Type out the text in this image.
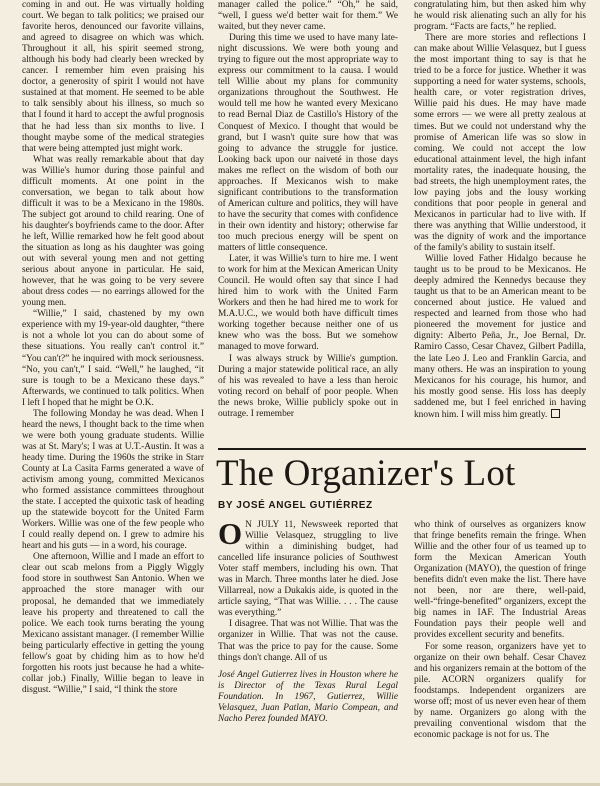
coming in and out. He was virtually holding court. We began to talk politics; we praised our favorite heros, denounced our favorite villains, and agreed to disagree on which was which. Throughout it all, his spirit seemed strong, although his body had clearly been wrecked by cancer. I remember him even praising his doctor, a generosity of spirit I would not have sustained at that moment. He seemed to be able to talk sensibly about his illness, so much so that I found it hard to accept the awful prognosis that he had less than six months to live. I thought maybe some of the medical strategies that were being attempted just might work.

What was really remarkable about that day was Willie's humor during those painful and difficult moments. At one point in the conversation, we began to talk about how difficult it was to be a Mexicano in the 1980s. The subject got around to child rearing. One of his daughter's boyfriends came to the door. After he left, Willie remarked how he felt good about the situation as long as his daughter was going out with several young men and not getting serious about anyone in particular. He said, however, that he was going to be very severe about dress codes — no earrings allowed for the young men.

“Willie,” I said, chastened by my own experience with my 19-year-old daughter, “there is not a whole lot you can do about some of these situations. You really can't control it.” “You can't?” he inquired with mock seriousness. “No, you can't,” I said. “Well,” he laughed, “it sure is tough to be a Mexicano these days.” Afterwards, we continued to talk politics. When I left I hoped that he might be O.K.

The following Monday he was dead. When I heard the news, I thought back to the time when we were both young graduate students. Willie was at St. Mary's; I was at U.T.-Austin. It was a heady time. During the 1960s the strike in Starr County at La Casita Farms generated a wave of activism among young, committed Mexicanos who formed assistance committees throughout the state. I accepted the quixotic task of heading up the statewide boycott for the United Farm Workers. Willie was one of the few people who I could really depend on. I grew to admire his heart and his guts — in a word, his courage.

One afternoon, Willie and I made an effort to clear out scab melons from a Piggly Wiggly food store in southwest San Antonio. When we approached the store manager with our proposal, he demanded that we immediately leave his property and threatened to call the police. We each took turns berating the young Mexicano assistant manager. (I remember Willie being particularly effective in getting the young fellow's goat by chiding him as to how he'd forgotten his roots just because he had a white-collar job.) Finally, Willie began to leave in disgust. “Willie,” I said, “I think the store

manager called the police.” “Oh,” he said, “well, I guess we'd better wait for them.” We waited, but they never came.

During this time we used to have many late-night discussions. We were both young and trying to figure out the most appropriate way to express our commitment to la causa. I would tell Willie about my plans for community organizations throughout the Southwest. He would tell me how he wanted every Mexicano to read Bernal Diaz de Castillo's History of the Conquest of Mexico. I thought that would be grand, but I wasn't quite sure how that was going to advance the struggle for justice. Looking back upon our naiveté in those days makes me reflect on the wisdom of both our approaches. If Mexicanos wish to make significant contributions to the transformation of American culture and politics, they will have to have the security that comes with confidence in their own identity and history; otherwise far too much precious energy will be spent on matters of little consequence.

Later, it was Willie's turn to hire me. I went to work for him at the Mexican American Unity Council. He would often say that since I had hired him to work with the United Farm Workers and then he had hired me to work for M.A.U.C., we would both have difficult times working together because neither one of us knew who was the boss. But we somehow managed to move forward.

I was always struck by Willie's gumption. During a major statewide political race, an ally of his was revealed to have a less than heroic voting record on behalf of poor people. When the news broke, Willie publicly spoke out in outrage. I remember

congratulating him, but then asked him why he would risk alienating such an ally for his program. “Facts are facts,” he replied.

There are more stories and reflections I can make about Willie Velasquez, but I guess the most important thing to say is that he tried to be a force for justice. Whether it was supporting a need for water systems, schools, health care, or voter registration drives, Willie paid his dues. He may have made some errors — we were all pretty zealous at times. But we could not understand why the promise of American life was so slow in coming. We could not accept the low educational attainment level, the high infant mortality rates, the inadequate housing, the bad streets, the high unemployment rates, the low paying jobs and the lousy working conditions that poor people in general and Mexicanos in particular had to live with. If there was anything that Willie understood, it was the dignity of work and the importance of the family's ability to sustain itself.

Willie loved Father Hidalgo because he taught us to be proud to be Mexicanos. He deeply admired the Kennedys because they taught us that to be an American meant to be concerned about justice. He valued and respected and learned from those who had pioneered the movement for justice and dignity: Alberto Peña, Jr., Joe Bernal, Dr. Ramiro Casso, Cesar Chavez, Gilbert Padilla, the late Leo J. Leo and Franklin Garcia, and many others. He was an inspiration to young Mexicanos for his courage, his humor, and his mostly good sense. His loss has deeply saddened me, but I feel enriched in having known him. I will miss him greatly.

The Organizer's Lot
BY JOSÉ ANGEL GUTIÉRREZ

O N JULY 11, Newsweek reported that Willie Velasquez, struggling to live within a diminishing budget, had cancelled life insurance policies of Southwest Voter staff members, including his own. That was in March. Three months later he died. Jose Villarreal, now a Dukakis aide, is quoted in the article saying, “That was Willie. . . . The cause was everything.”

I disagree. That was not Willie. That was the organizer in Willie. That was not the cause. That was the price to pay for the cause. Some things don't change. All of us

José Angel Gutierrez lives in Houston where he is Director of the Texas Rural Legal Foundation. In 1967, Gutierrez, Willie Velasquez, Juan Patlan, Mario Compean, and Nacho Perez founded MAYO.

who think of ourselves as organizers know that fringe benefits remain the fringe. When Willie and the other four of us teamed up to form the Mexican American Youth Organization (MAYO), the question of fringe benefits didn't even make the list. There have not been, nor are there, well-paid, well-“fringe-benefited” organizers, except the big names in IAF. The Industrial Areas Foundation pays their people well and provides excellent security and benefits.

For some reason, organizers have yet to organize on their own behalf. Cesar Chavez and his organizers remain at the bottom of the pile. ACORN organizers qualify for foodstamps. Independent organizers are worse off; most of us never even hear of them by name. Organizers go along with the prevailing conventional wisdom that the economic package is not for us. The
